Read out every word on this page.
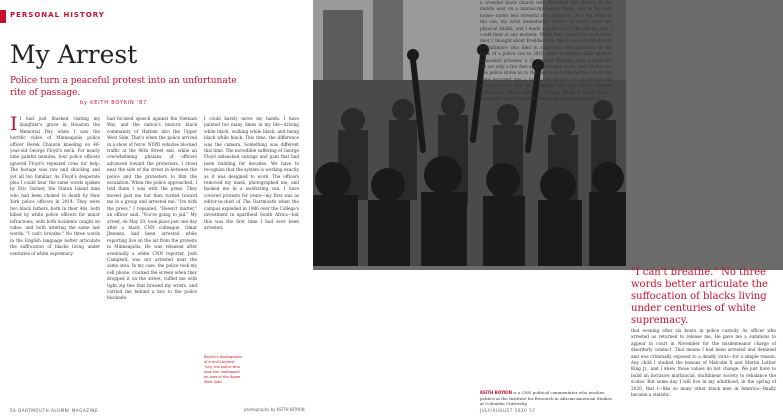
PERSONAL HISTORY
My Arrest
Police turn a peaceful protest into an unfortunate rite of passage.
by KEITH BOYKIN '87
I I had just finished visiting my daughter's grave in Houston the Memorial Day when I saw the horrific video of Minneapolis police officer Derek Chauvin kneeling on 46-year-old George Floyd's neck. For nearly nine painful minutes, four police officers ignored Floyd's repeated cries for help. The footage was raw and shocking and yet all too familiar. As Floyd's desperate plea I could hear the same words spoken by Eric Garner, the Staten Island man who had been choked to death by New York police officers in 2014. They were two black fathers, both in their 40s, both killed by white police officers for minor infractions, with both incidents caught on video, and both uttering the same last words: "I can't breathe." No three words in the English language better articulate the suffocation of blacks living under centuries of white supremacy.
had focused speech against the Vietnam War, and the nation's historic black community of Harlem into the Upper West Side. That's when the police arrived in a show of force. NYPD vehicles blocked traffic at the 96th Street exit, while an overwhelming phalanx of officers advanced toward the protesters. I stood near the side of the street in between the police and the protesters to film the escalation. When the police approached, I told them I was with the press. They moved past me but then turned toward me in a group and arrested me. "I'm with the press," I repeated. "Doesn't matter," an officer said. "You're going to jail." My arrest, on May 29, took place just one day after a black CNN colleague, Omar Jimenez, had been arrested while reporting live on the air from the protests in Minneapolis. He was released after eventually a white CNN reporter, Josh Campbell, was not arrested near the same area. In my case, the police took my cell phone, cracked the screen when they dropped it on the street, cuffed me with tight zip ties that bruised my wrists, and carried me behind a bus to the police blockade.
I could barely move my hands. I have painted too many times in my life—driving while black, walking while black, and being black while black. This time, the difference was the camera. Something was different this time. The incredible suffering of George Floyd unleashed outrage and pain that had been building for decades. We have to recognize that the system is working exactly as it was designed to work. The officers removed my mask, photographed me, and booked me in a sweltering van. I have covered protests for years—my first was as editor-in-chief of The Dartmouth when the campus exploded in 1986 over the College's investment in apartheid South Africa—but this was the first time I had ever been arrested.
56 DARTMOUTH ALUMNI MAGAZINE
"I can't breathe." No three words better articulate the suffocation of blacks living under centuries of white supremacy.
that evening after six hours in police custody. As officer who arrested us returned to release me, He gave me a summons to appear in court in November for the misdemeanor charge of disorderly conduct. That means I had been arrested and detained and was criminally exposed to a deadly virus—for a simple reason. Any child I studied the lessons of Malcolm X and Martin Luther King Jr., and I knew those values do not change. We just have to build an inclusive multiracial, multilinear society to rebalance the scales. But some day I will live in my adulthood, in the spring of 2020, that I—like so many other black men in America—finally became a statistic.
a crowded black church with President Bill Clinton, in the middle east on a manuscript-mental flight, and to my own home—under less stressful circumstances. As I sat alone in the van, my wrist immediately started to worry about my physical health, and I made a point to tell the officers that I could faint at any moment. When they closed the thick metal door, I thought about Freddie Gray, the 25-year-old black man in Baltimore who died in suspicious circumstances in the back of a police van in 2015. After a minutes later another unmasked prisoner, a 21-year-old Hispanic man, joined me. We sat only a few feet apart, sweating in the back of the van. The police drove us to the east side of Manhattan, where we were escorted into a van-to-van facility and processed and booked. I was put in a holding cell with other arrested protesters, where each of us was given a ticket and a summons. Then I was released on my own recognizance.
Boykin's photographs of a multi-protest "city, the police who took him rooftopped an area of the Upper West Side.
photographs by KEITH BOYKIN
KEITH BOYKIN is a CNN political commentator who teaches politics at the Institute for Research in African-American Studies at Columbia University.
JULY/AUGUST 2020 57
